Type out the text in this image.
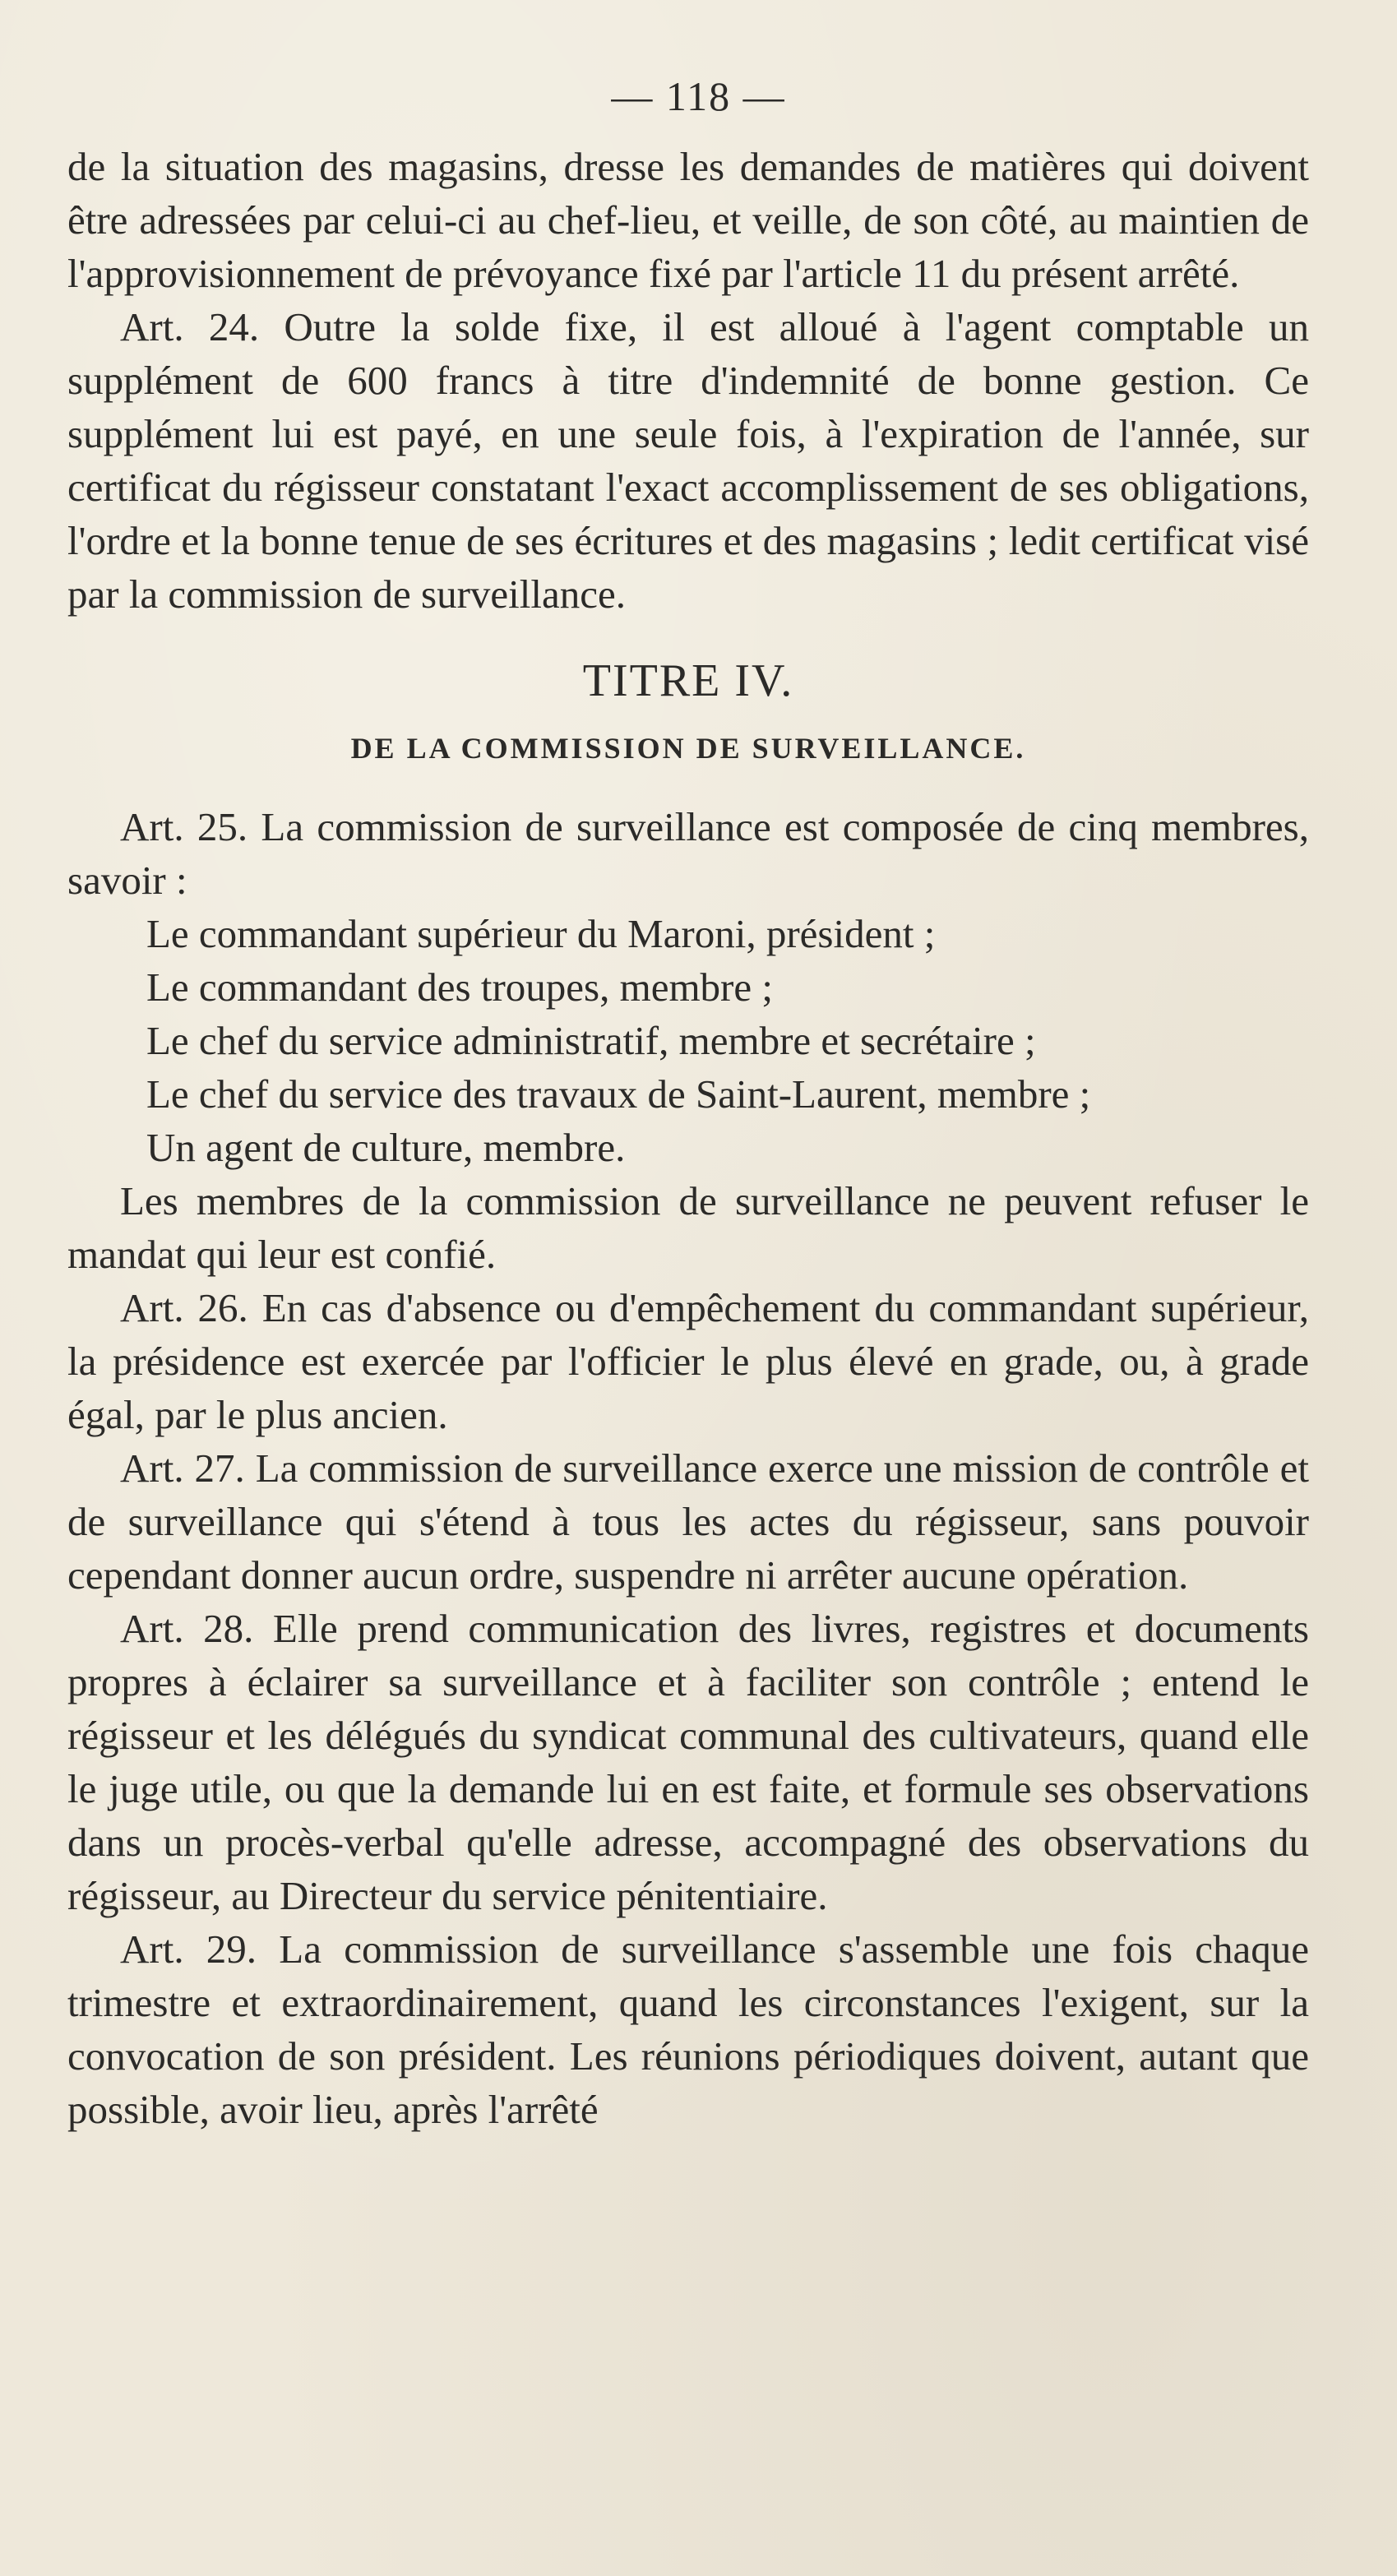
— 118 —

de la situation des magasins, dresse les demandes de matières qui doivent être adressées par celui-ci au chef-lieu, et veille, de son côté, au maintien de l'approvisionnement de prévoyance fixé par l'article 11 du présent arrêté.

Art. 24. Outre la solde fixe, il est alloué à l'agent comptable un supplément de 600 francs à titre d'indemnité de bonne gestion. Ce supplément lui est payé, en une seule fois, à l'expiration de l'année, sur certificat du régisseur constatant l'exact accomplissement de ses obligations, l'ordre et la bonne tenue de ses écritures et des magasins ; ledit certificat visé par la commission de surveillance.

TITRE IV.
DE LA COMMISSION DE SURVEILLANCE.

Art. 25. La commission de surveillance est composée de cinq membres, savoir :

Le commandant supérieur du Maroni, président ;

Le commandant des troupes, membre ;

Le chef du service administratif, membre et secrétaire ;

Le chef du service des travaux de Saint-Laurent, membre ;

Un agent de culture, membre.

Les membres de la commission de surveillance ne peuvent refuser le mandat qui leur est confié.

Art. 26. En cas d'absence ou d'empêchement du commandant supérieur, la présidence est exercée par l'officier le plus élevé en grade, ou, à grade égal, par le plus ancien.

Art. 27. La commission de surveillance exerce une mission de contrôle et de surveillance qui s'étend à tous les actes du régisseur, sans pouvoir cependant donner aucun ordre, suspendre ni arrêter aucune opération.

Art. 28. Elle prend communication des livres, registres et documents propres à éclairer sa surveillance et à faciliter son contrôle ; entend le régisseur et les délégués du syndicat communal des cultivateurs, quand elle le juge utile, ou que la demande lui en est faite, et formule ses observations dans un procès-verbal qu'elle adresse, accompagné des observations du régisseur, au Directeur du service pénitentiaire.

Art. 29. La commission de surveillance s'assemble une fois chaque trimestre et extraordinairement, quand les circonstances l'exigent, sur la convocation de son président. Les réunions périodiques doivent, autant que possible, avoir lieu, après l'arrêté
